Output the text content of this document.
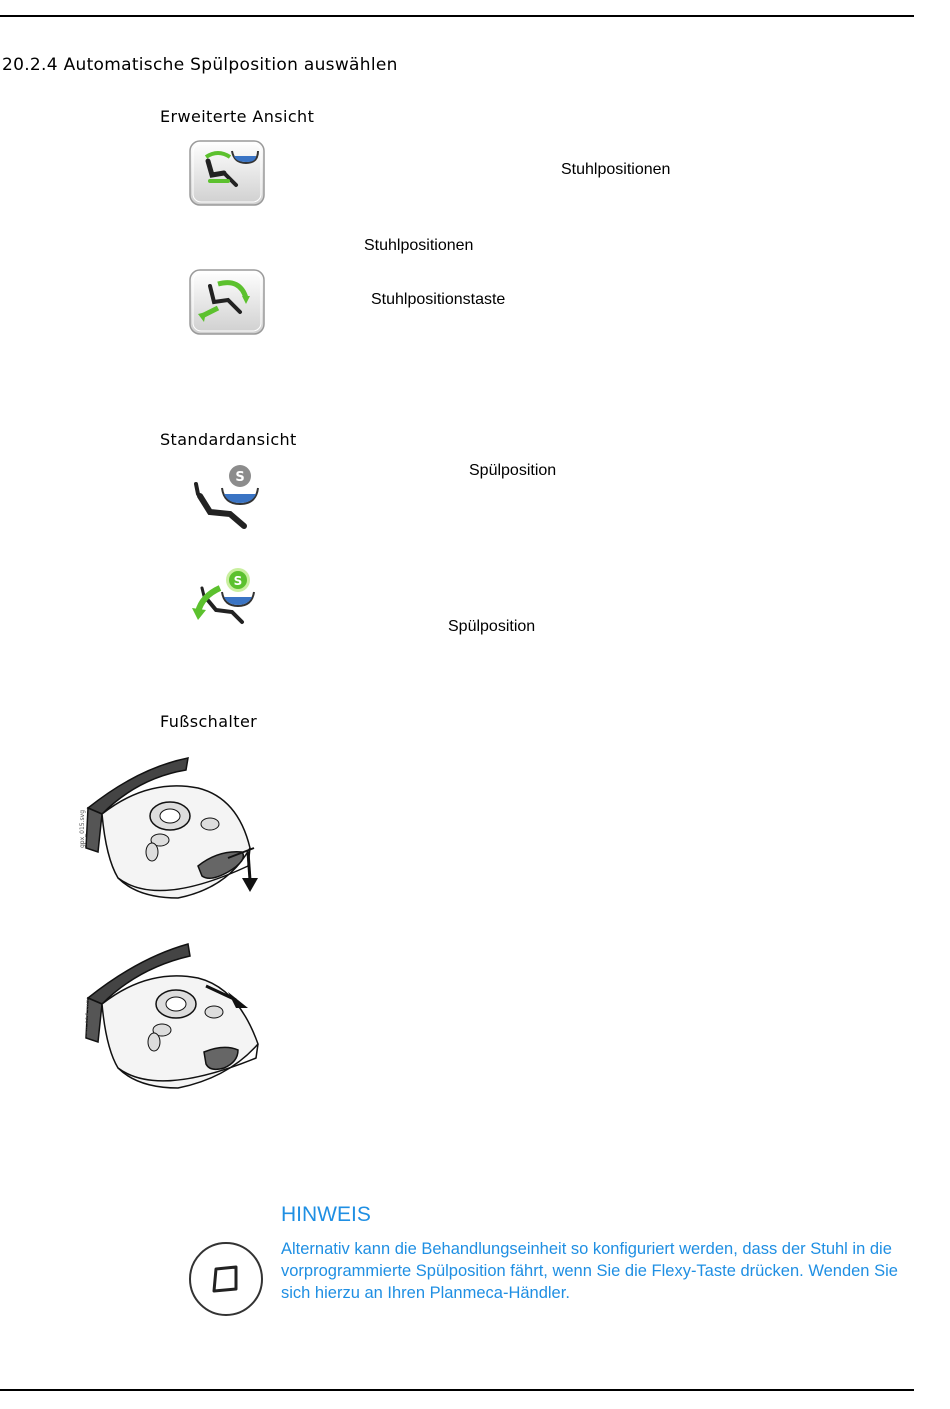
20.2.4 Automatische Spülposition auswählen
Erweiterte Ansicht
Stuhlpositionen
Stuhlpositionen
Stuhlpositionstaste
Standardansicht
S	Spülposition
S
Spülposition
Fußschalter
gpx_015.svg
gpx_016.svg
HINWEIS
Alternativ kann die Behandlungseinheit so konfiguriert werden, dass der Stuhl in die vorprogrammierte Spülposition fährt, wenn Sie die Flexy-Taste drücken. Wenden Sie sich hierzu an Ihren Planmeca-Händler.
